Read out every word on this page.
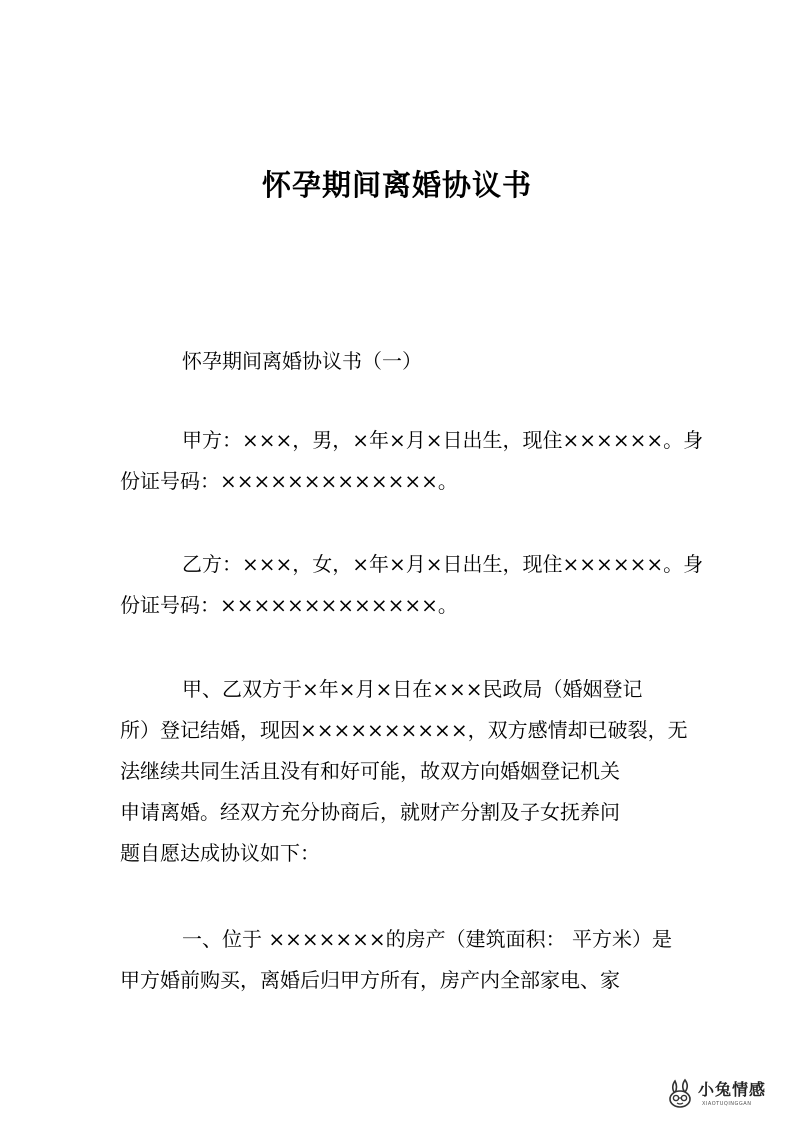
怀孕期间离婚协议书

怀孕期间离婚协议书（一）

甲方：×××，男，×年×月×日出生，现住××××××。身
份证号码：×××××××××××××。

乙方：×××，女，×年×月×日出生，现住××××××。身
份证号码：×××××××××××××。

甲、乙双方于×年×月×日在×××民政局（婚姻登记
所）登记结婚，现因××××××××××，双方感情却已破裂，无
法继续共同生活且没有和好可能，故双方向婚姻登记机关
申请离婚。经双方充分协商后，就财产分割及子女抚养问
题自愿达成协议如下：

一、位于 ×××××××的房产（建筑面积： 平方米）是
甲方婚前购买，离婚后归甲方所有，房产内全部家电、家

小兔情感
XIAOTUQINGGAN
